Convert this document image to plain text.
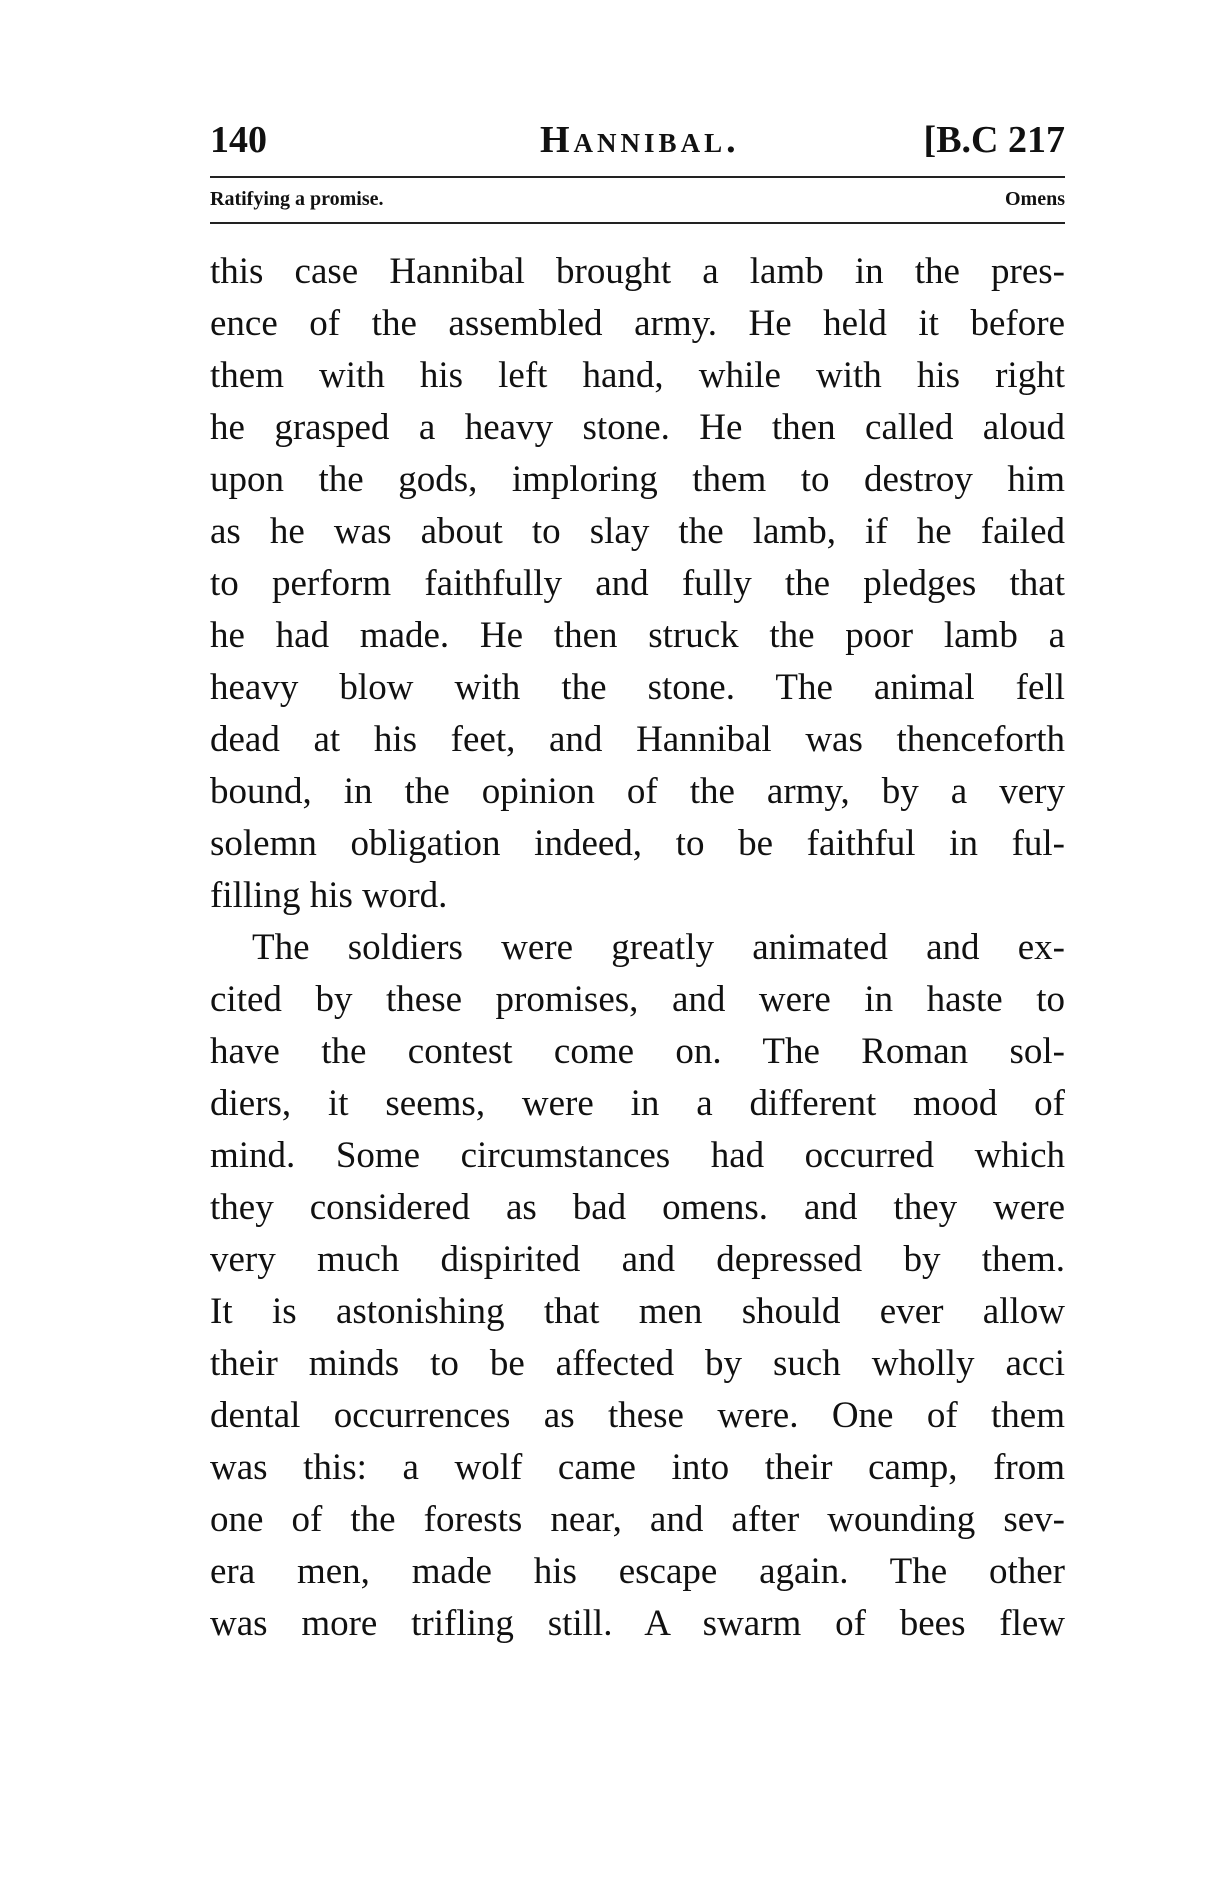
140	Hannibal.	[B.C 217
Ratifying a promise.	Omens
this case Hannibal brought a lamb in the pres-
ence of the assembled army. He held it before
them with his left hand, while with his right
he grasped a heavy stone. He then called aloud
upon the gods, imploring them to destroy him
as he was about to slay the lamb, if he failed
to perform faithfully and fully the pledges that
he had made. He then struck the poor lamb a
heavy blow with the stone. The animal fell
dead at his feet, and Hannibal was thenceforth
bound, in the opinion of the army, by a very
solemn obligation indeed, to be faithful in ful-
filling his word.
The soldiers were greatly animated and ex-
cited by these promises, and were in haste to
have the contest come on. The Roman sol-
diers, it seems, were in a different mood of
mind. Some circumstances had occurred which
they considered as bad omens. and they were
very much dispirited and depressed by them.
It is astonishing that men should ever allow
their minds to be affected by such wholly acci
dental occurrences as these were. One of them
was this: a wolf came into their camp, from
one of the forests near, and after wounding sev-
era men, made his escape again. The other
was more trifling still. A swarm of bees flew
